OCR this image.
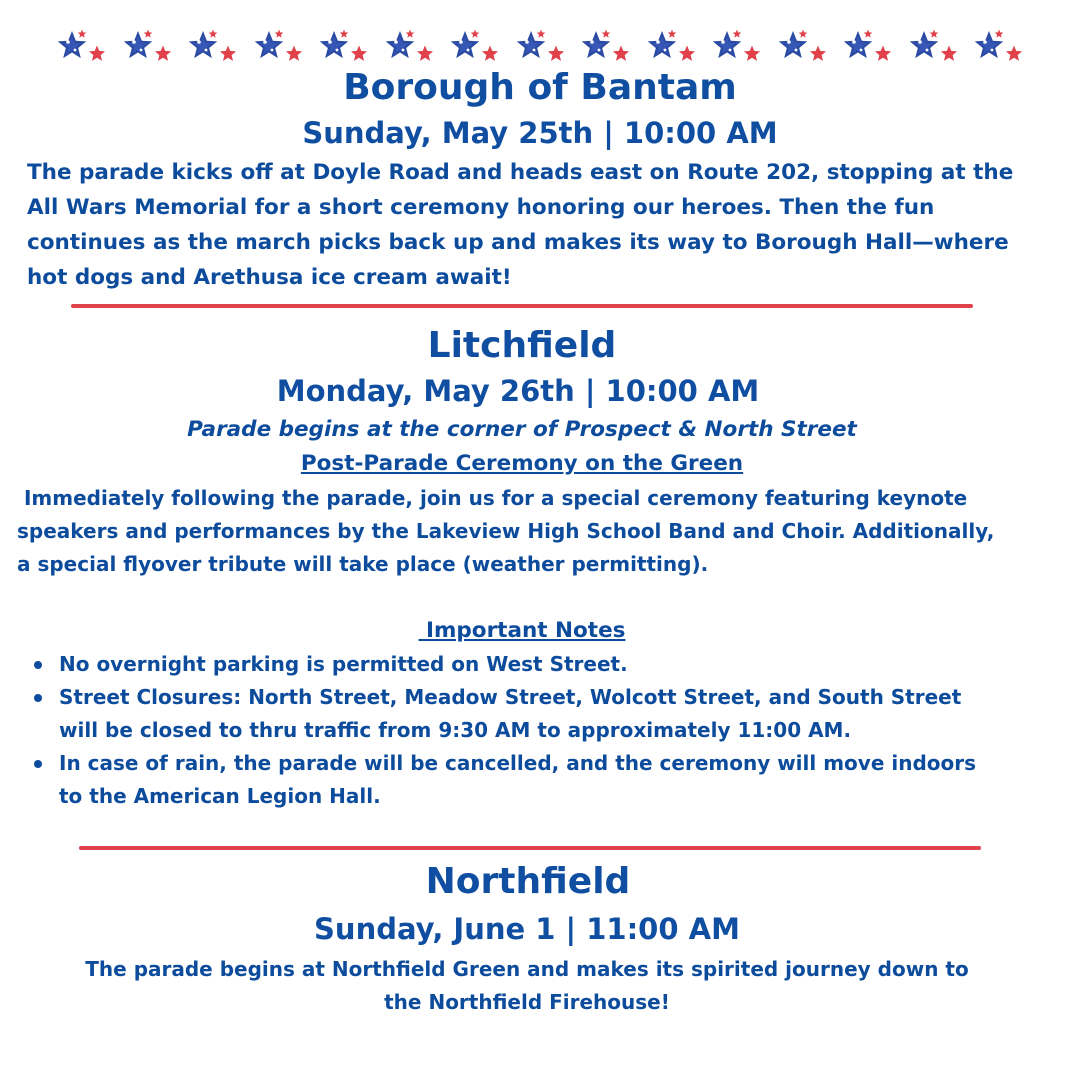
Borough of Bantam
Sunday, May 25th | 10:00 AM
The parade kicks off at Doyle Road and heads east on Route 202, stopping at the
All Wars Memorial for a short ceremony honoring our heroes. Then the fun
continues as the march picks back up and makes its way to Borough Hall—where
hot dogs and Arethusa ice cream await!
Litchfield
Monday, May 26th | 10:00 AM
Parade begins at the corner of Prospect & North Street
Post-Parade Ceremony on the Green
Immediately following the parade, join us for a special ceremony featuring keynote
speakers and performances by the Lakeview High School Band and Choir. Additionally,
a special flyover tribute will take place (weather permitting).
Important Notes
No overnight parking is permitted on West Street.
Street Closures: North Street, Meadow Street, Wolcott Street, and South Street
will be closed to thru traffic from 9:30 AM to approximately 11:00 AM.
In case of rain, the parade will be cancelled, and the ceremony will move indoors
to the American Legion Hall.
Northfield
Sunday, June 1 | 11:00 AM
The parade begins at Northfield Green and makes its spirited journey down to
the Northfield Firehouse!
